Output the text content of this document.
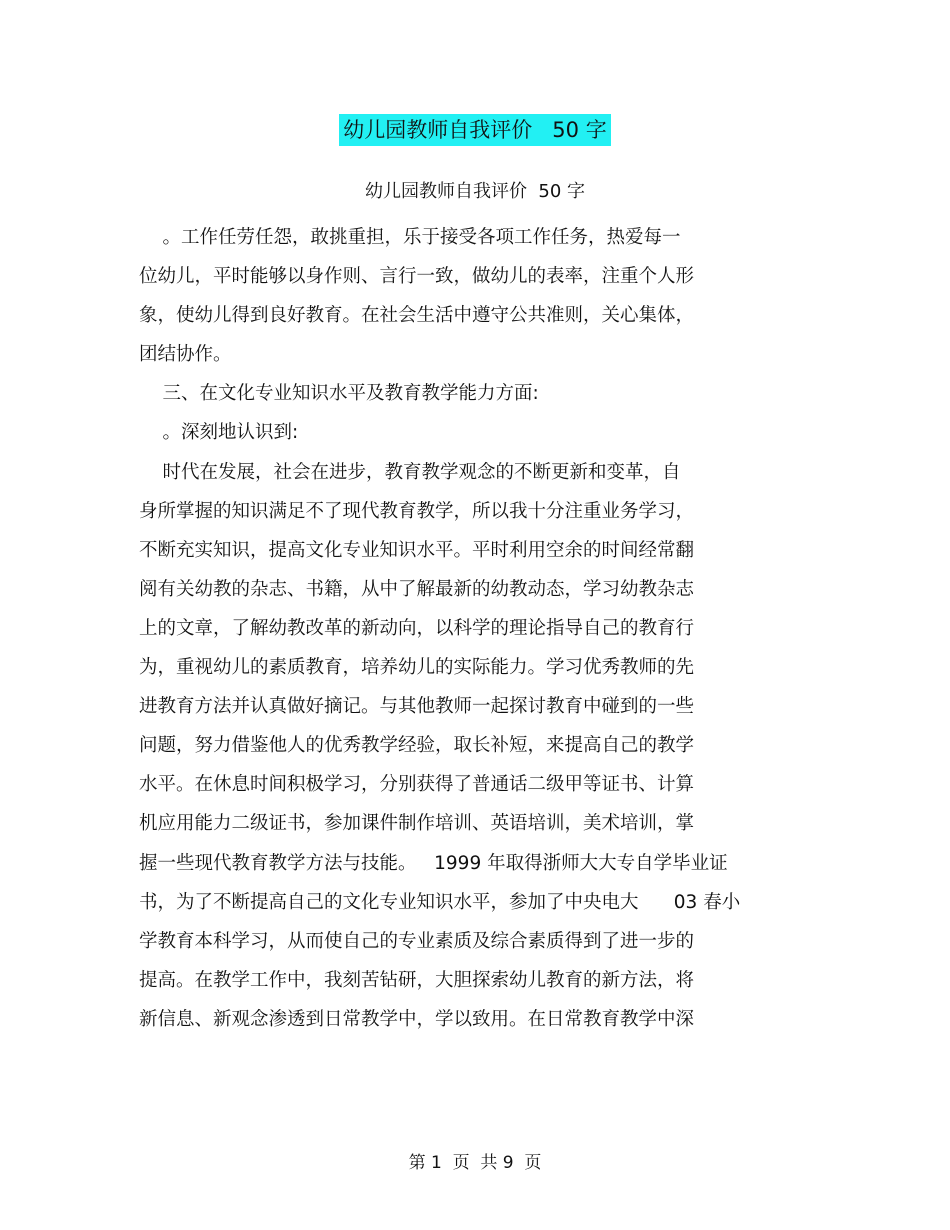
幼儿园教师自我评价   50 字
幼儿园教师自我评价  50 字
。工作任劳任怨，敢挑重担，乐于接受各项工作任务，热爱每一
位幼儿，平时能够以身作则、言行一致，做幼儿的表率，注重个人形
象，使幼儿得到良好教育。在社会生活中遵守公共准则，关心集体，
团结协作。
三、在文化专业知识水平及教育教学能力方面:
。深刻地认识到:
时代在发展，社会在进步，教育教学观念的不断更新和变革，自
身所掌握的知识满足不了现代教育教学，所以我十分注重业务学习，
不断充实知识，提高文化专业知识水平。平时利用空余的时间经常翻
阅有关幼教的杂志、书籍，从中了解最新的幼教动态，学习幼教杂志
上的文章，了解幼教改革的新动向，以科学的理论指导自己的教育行
为，重视幼儿的素质教育，培养幼儿的实际能力。学习优秀教师的先
进教育方法并认真做好摘记。与其他教师一起探讨教育中碰到的一些
问题，努力借鉴他人的优秀教学经验，取长补短，来提高自己的教学
水平。在休息时间积极学习，分别获得了普通话二级甲等证书、计算
机应用能力二级证书，参加课件制作培训、英语培训，美术培训，掌
握一些现代教育教学方法与技能。   1999 年取得浙师大大专自学毕业证
书，为了不断提高自己的文化专业知识水平，参加了中央电大      03 春小
学教育本科学习，从而使自己的专业素质及综合素质得到了进一步的
提高。在教学工作中，我刻苦钻研，大胆探索幼儿教育的新方法，将
新信息、新观念渗透到日常教学中，学以致用。在日常教育教学中深
第 1  页  共 9  页
